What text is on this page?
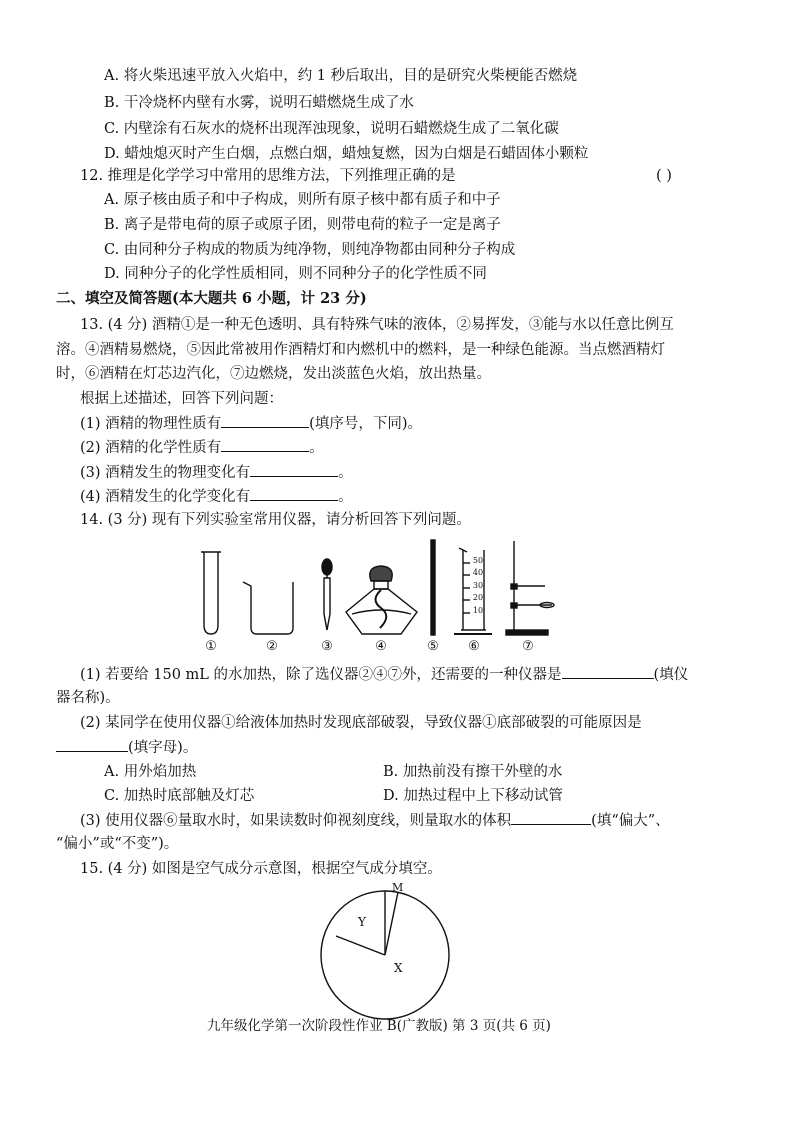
A. 将火柴迅速平放入火焰中，约 1 秒后取出，目的是研究火柴梗能否燃烧
B. 干冷烧杯内壁有水雾，说明石蜡燃烧生成了水
C. 内壁涂有石灰水的烧杯出现浑浊现象，说明石蜡燃烧生成了二氧化碳
D. 蜡烛熄灭时产生白烟，点燃白烟，蜡烛复燃，因为白烟是石蜡固体小颗粒
12. 推理是化学学习中常用的思维方法，下列推理正确的是	( )
A. 原子核由质子和中子构成，则所有原子核中都有质子和中子
B. 离子是带电荷的原子或原子团，则带电荷的粒子一定是离子
C. 由同种分子构成的物质为纯净物，则纯净物都由同种分子构成
D. 同种分子的化学性质相同，则不同种分子的化学性质不同
二、填空及简答题(本大题共 6 小题，计 23 分)
13. (4 分) 酒精①是一种无色透明、具有特殊气味的液体，②易挥发，③能与水以任意比例互
溶。④酒精易燃烧，⑤因此常被用作酒精灯和内燃机中的燃料，是一种绿色能源。当点燃酒精灯
时，⑥酒精在灯芯边汽化，⑦边燃烧，发出淡蓝色火焰，放出热量。
根据上述描述，回答下列问题：
(1) 酒精的物理性质有	(填序号，下同)。
(2) 酒精的化学性质有	。
(3) 酒精发生的物理变化有	。
(4) 酒精发生的化学变化有	。
14. (3 分) 现有下列实验室常用仪器，请分析回答下列问题。
50
40
30
20
10
①	②	③	④	⑤	⑥	⑦
(1) 若要给 150 mL 的水加热，除了选仪器②④⑦外，还需要的一种仪器是	(填仪
器名称)。
(2) 某同学在使用仪器①给液体加热时发现底部破裂，导致仪器①底部破裂的可能原因是
(填字母)。
A. 用外焰加热	B. 加热前没有擦干外壁的水
C. 加热时底部触及灯芯	D. 加热过程中上下移动试管
(3) 使用仪器⑥量取水时，如果读数时仰视刻度线，则量取水的体积	(填“偏大”、
“偏小”或“不变”)。
15. (4 分) 如图是空气成分示意图，根据空气成分填空。
M
Y
X
九年级化学第一次阶段性作业 B(广教版) 第 3 页(共 6 页)
